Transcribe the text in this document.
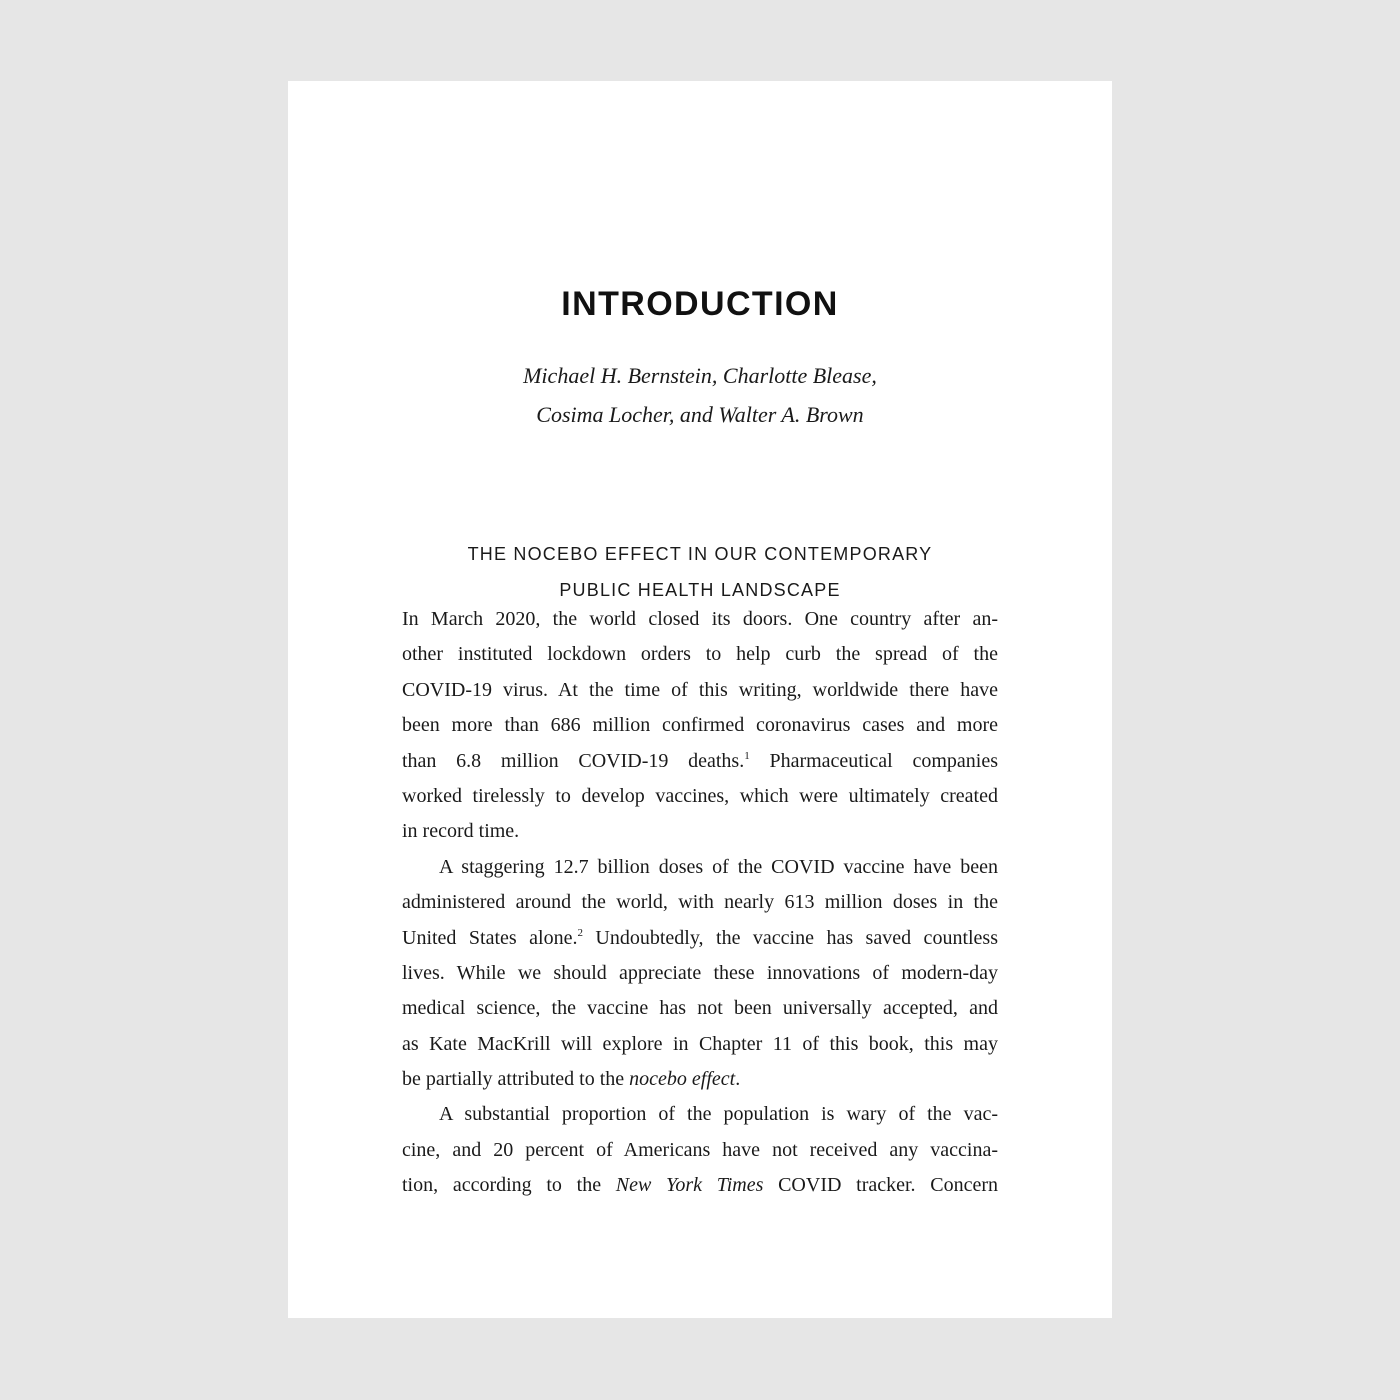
INTRODUCTION
Michael H. Bernstein, Charlotte Blease,
Cosima Locher, and Walter A. Brown
THE NOCEBO EFFECT IN OUR CONTEMPORARY
PUBLIC HEALTH LANDSCAPE
In March 2020, the world closed its doors. One country after an-
other instituted lockdown orders to help curb the spread of the
COVID-19 virus. At the time of this writing, worldwide there have
been more than 686 million confirmed coronavirus cases and more
than 6.8 million COVID-19 deaths.$^1$ Pharmaceutical companies
worked tirelessly to develop vaccines, which were ultimately created
in record time.
A staggering 12.7 billion doses of the COVID vaccine have been
administered around the world, with nearly 613 million doses in the
United States alone.$^2$ Undoubtedly, the vaccine has saved countless
lives. While we should appreciate these innovations of modern-day
medical science, the vaccine has not been universally accepted, and
as Kate MacKrill will explore in Chapter 11 of this book, this may
be partially attributed to the nocebo effect.
A substantial proportion of the population is wary of the vac-
cine, and 20 percent of Americans have not received any vaccina-
tion, according to the New York Times COVID tracker. Concern
